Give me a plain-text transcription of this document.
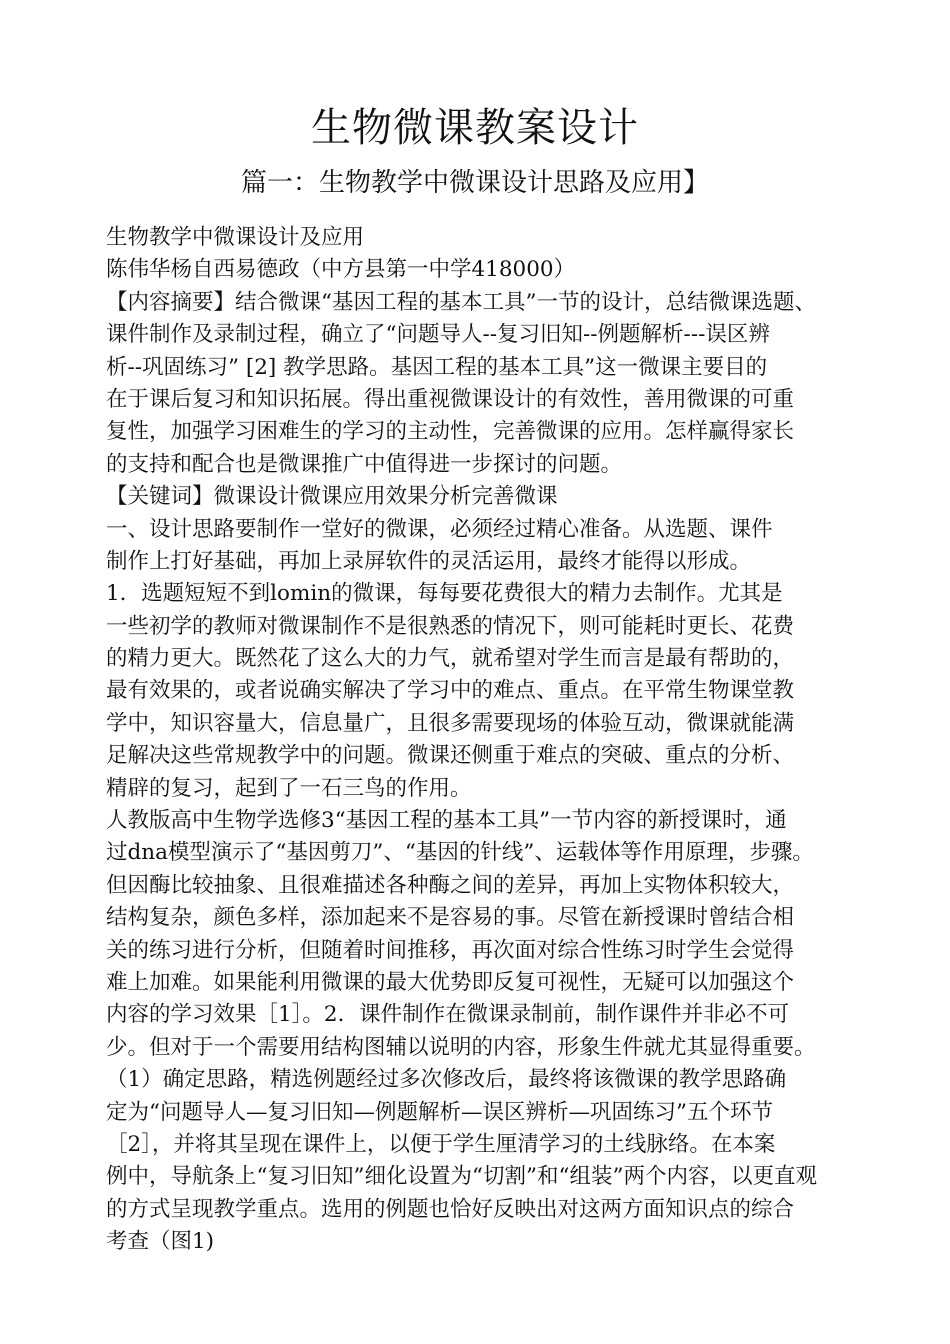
生物微课教案设计
篇一：生物教学中微课设计思路及应用】
生物教学中微课设计及应用
陈伟华杨自西易德政（中方县第一中学418000）
【内容摘要】结合微课“基因工程的基本工具”一节的设计，总结微课选题、
课件制作及录制过程，确立了“问题导人--复习旧知--例题解析---误区辨
析--巩固练习” [2] 教学思路。基因工程的基本工具”这一微课主要目的
在于课后复习和知识拓展。得出重视微课设计的有效性，善用微课的可重
复性，加强学习困难生的学习的主动性，完善微课的应用。怎样赢得家长
的支持和配合也是微课推广中值得进一步探讨的问题。
【关键词】微课设计微课应用效果分析完善微课
一、设计思路要制作一堂好的微课，必须经过精心准备。从选题、课件
制作上打好基础，再加上录屏软件的灵活运用，最终才能得以形成。
1．选题短短不到lomin的微课，每每要花费很大的精力去制作。尤其是
一些初学的教师对微课制作不是很熟悉的情况下，则可能耗时更长、花费
的精力更大。既然花了这么大的力气，就希望对学生而言是最有帮助的，
最有效果的，或者说确实解决了学习中的难点、重点。在平常生物课堂教
学中，知识容量大，信息量广，且很多需要现场的体验互动，微课就能满
足解决这些常规教学中的问题。微课还侧重于难点的突破、重点的分析、
精辟的复习，起到了一石三鸟的作用。
人教版高中生物学选修3“基因工程的基本工具”一节内容的新授课时，通
过dna模型演示了“基因剪刀”、“基因的针线”、运载体等作用原理，步骤。
但因酶比较抽象、且很难描述各种酶之间的差异，再加上实物体积较大，
结构复杂，颜色多样，添加起来不是容易的事。尽管在新授课时曾结合相
关的练习进行分析，但随着时间推移，再次面对综合性练习时学生会觉得
难上加难。如果能利用微课的最大优势即反复可视性，无疑可以加强这个
内容的学习效果［1］。2．课件制作在微课录制前，制作课件并非必不可
少。但对于一个需要用结构图辅以说明的内容，形象生件就尤其显得重要。
（1）确定思路，精选例题经过多次修改后，最终将该微课的教学思路确
定为“问题导人—复习旧知—例题解析—误区辨析—巩固练习”五个环节
［2］，并将其呈现在课件上，以便于学生厘清学习的土线脉络。在本案
例中，导航条上“复习旧知”细化设置为“切割”和“组装”两个内容，以更直观
的方式呈现教学重点。选用的例题也恰好反映出对这两方面知识点的综合
考查（图1)
